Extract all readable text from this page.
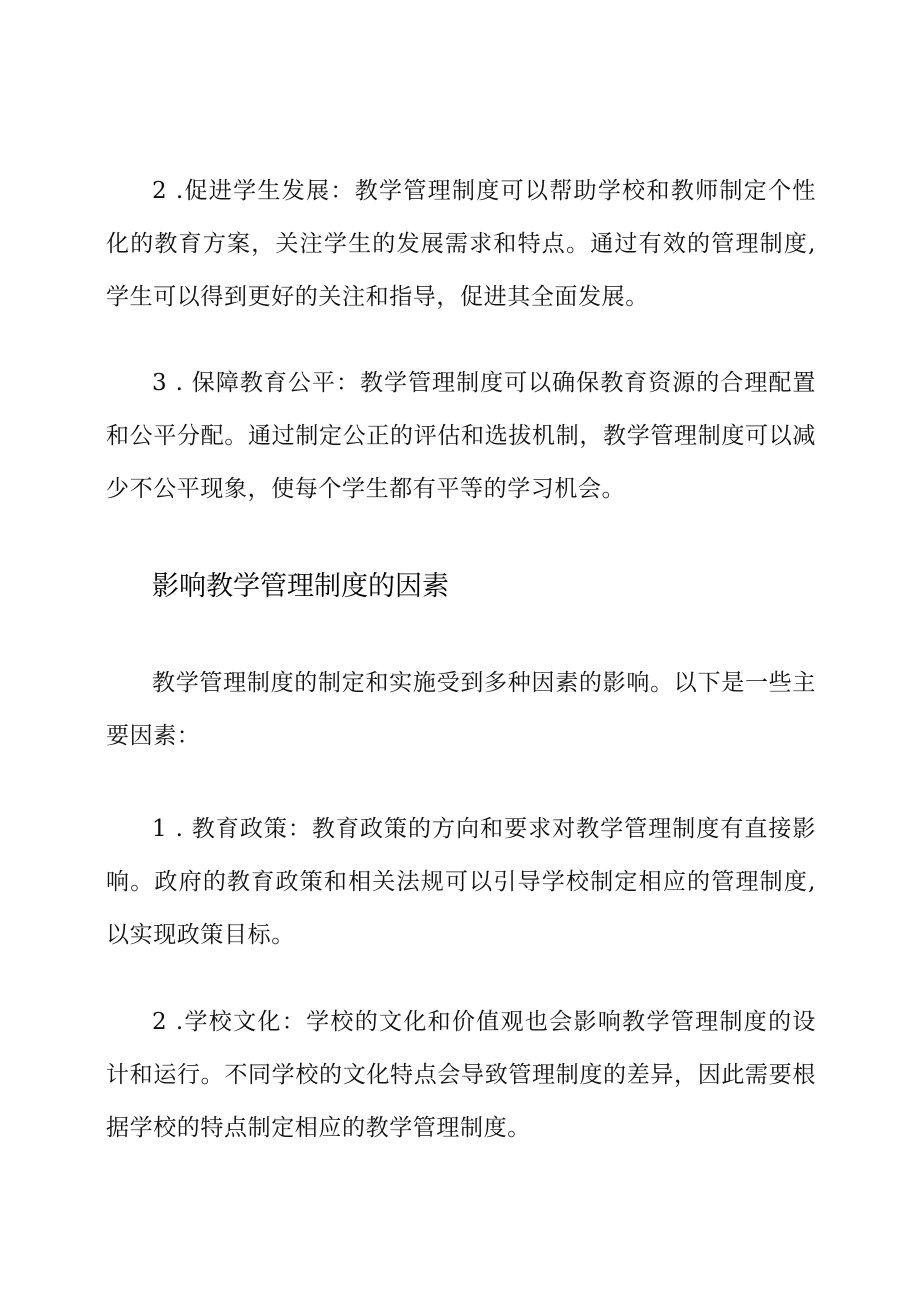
2 .促进学生发展：教学管理制度可以帮助学校和教师制定个性化的教育方案，关注学生的发展需求和特点。通过有效的管理制度,学生可以得到更好的关注和指导，促进其全面发展。

3 . 保障教育公平：教学管理制度可以确保教育资源的合理配置和公平分配。通过制定公正的评估和选拔机制，教学管理制度可以减少不公平现象，使每个学生都有平等的学习机会。

影响教学管理制度的因素

教学管理制度的制定和实施受到多种因素的影响。以下是一些主要因素：

1 . 教育政策：教育政策的方向和要求对教学管理制度有直接影响。政府的教育政策和相关法规可以引导学校制定相应的管理制度, 以实现政策目标。

2 .学校文化：学校的文化和价值观也会影响教学管理制度的设计和运行。不同学校的文化特点会导致管理制度的差异，因此需要根据学校的特点制定相应的教学管理制度。
